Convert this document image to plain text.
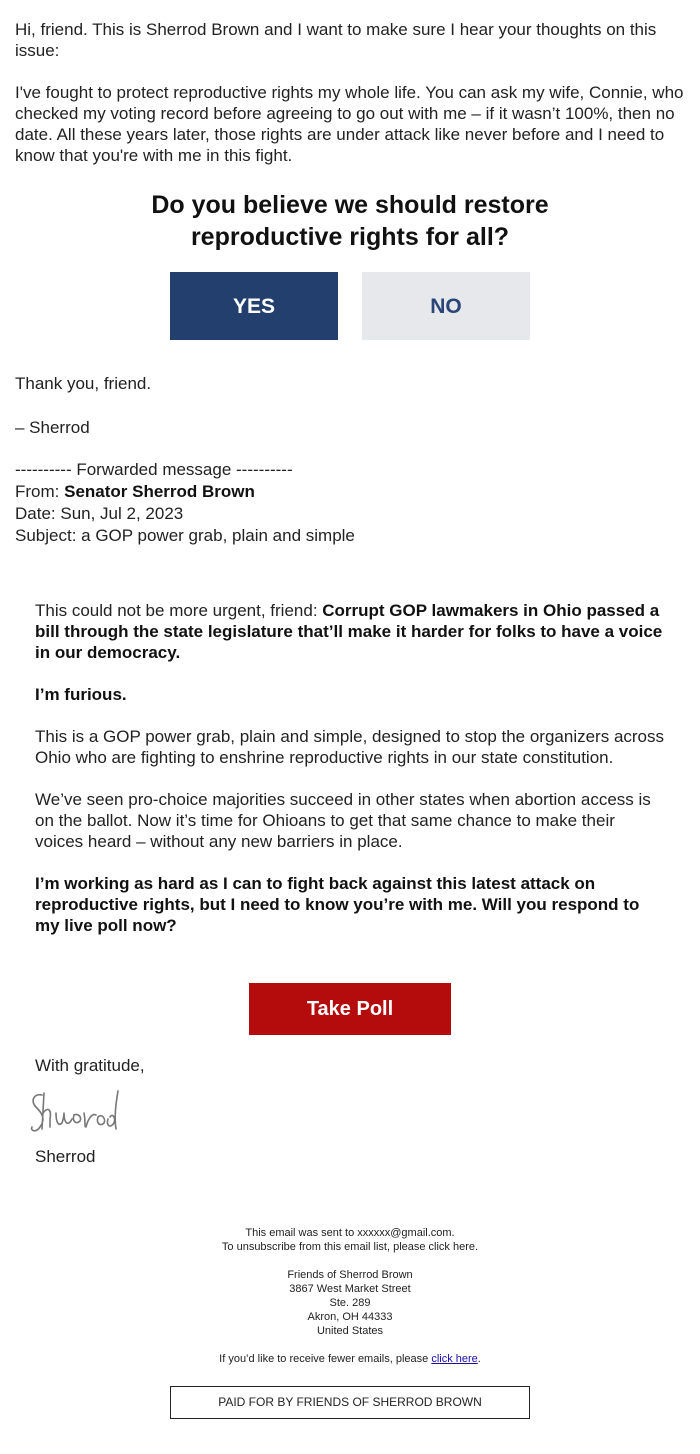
Hi, friend. This is Sherrod Brown and I want to make sure I hear your thoughts on this issue:

I've fought to protect reproductive rights my whole life. You can ask my wife, Connie, who checked my voting record before agreeing to go out with me – if it wasn’t 100%, then no date. All these years later, those rights are under attack like never before and I need to know that you're with me in this fight.

Do you believe we should restore
reproductive rights for all?
YES	NO
Thank you, friend.
– Sherrod
---------- Forwarded message ----------
From: Senator Sherrod Brown
Date: Sun, Jul 2, 2023
Subject: a GOP power grab, plain and simple

This could not be more urgent, friend: Corrupt GOP lawmakers in Ohio passed a bill through the state legislature that’ll make it harder for folks to have a voice in our democracy.

I’m furious.

This is a GOP power grab, plain and simple, designed to stop the organizers across Ohio who are fighting to enshrine reproductive rights in our state constitution.

We’ve seen pro-choice majorities succeed in other states when abortion access is on the ballot. Now it’s time for Ohioans to get that same chance to make their voices heard – without any new barriers in place.

I’m working as hard as I can to fight back against this latest attack on reproductive rights, but I need to know you’re with me. Will you respond to my live poll now?

Take Poll
With gratitude,
Sherrod
This email was sent to xxxxxx@gmail.com.
To unsubscribe from this email list, please click here.
Friends of Sherrod Brown
3867 West Market Street
Ste. 289
Akron, OH 44333
United States
If you’d like to receive fewer emails, please click here.
PAID FOR BY FRIENDS OF SHERROD BROWN
